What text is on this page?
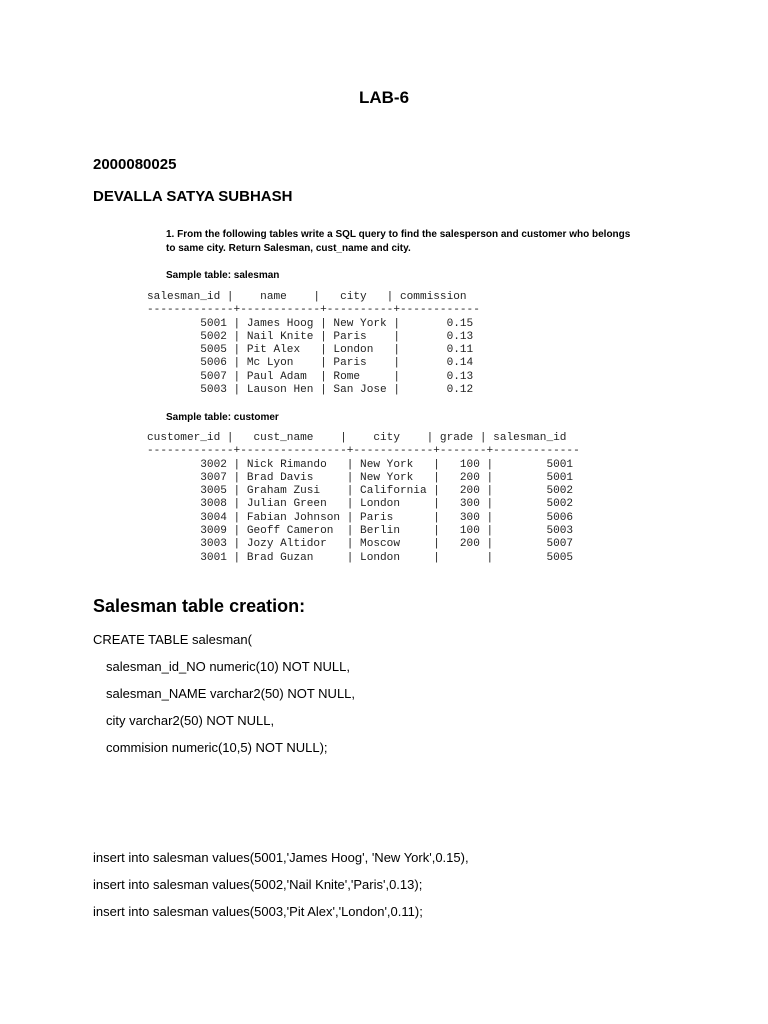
LAB-6
2000080025
DEVALLA SATYA SUBHASH

1. From the following tables write a SQL query to find the salesperson and customer who belongs to same city. Return Salesman, cust_name and city.

Sample table: salesman
salesman_id |    name    |   city   | commission
-------------+------------+----------+------------
5001 | James Hoog | New York |       0.15
5002 | Nail Knite | Paris    |       0.13
5005 | Pit Alex   | London   |       0.11
5006 | Mc Lyon    | Paris    |       0.14
5007 | Paul Adam  | Rome     |       0.13
5003 | Lauson Hen | San Jose |       0.12
Sample table: customer
customer_id |   cust_name    |    city    | grade | salesman_id
-------------+----------------+------------+-------+-------------
3002 | Nick Rimando   | New York   |   100 |        5001
3007 | Brad Davis     | New York   |   200 |        5001
3005 | Graham Zusi    | California |   200 |        5002
3008 | Julian Green   | London     |   300 |        5002
3004 | Fabian Johnson | Paris      |   300 |        5006
3009 | Geoff Cameron  | Berlin     |   100 |        5003
3003 | Jozy Altidor   | Moscow     |   200 |        5007
3001 | Brad Guzan     | London     |       |        5005
Salesman table creation:
CREATE TABLE salesman(
salesman_id_NO numeric(10) NOT NULL,
salesman_NAME varchar2(50) NOT NULL,
city varchar2(50) NOT NULL,
commision numeric(10,5) NOT NULL);
insert into salesman values(5001,'James Hoog', 'New York',0.15),
insert into salesman values(5002,'Nail Knite','Paris',0.13);
insert into salesman values(5003,'Pit Alex','London',0.11);
